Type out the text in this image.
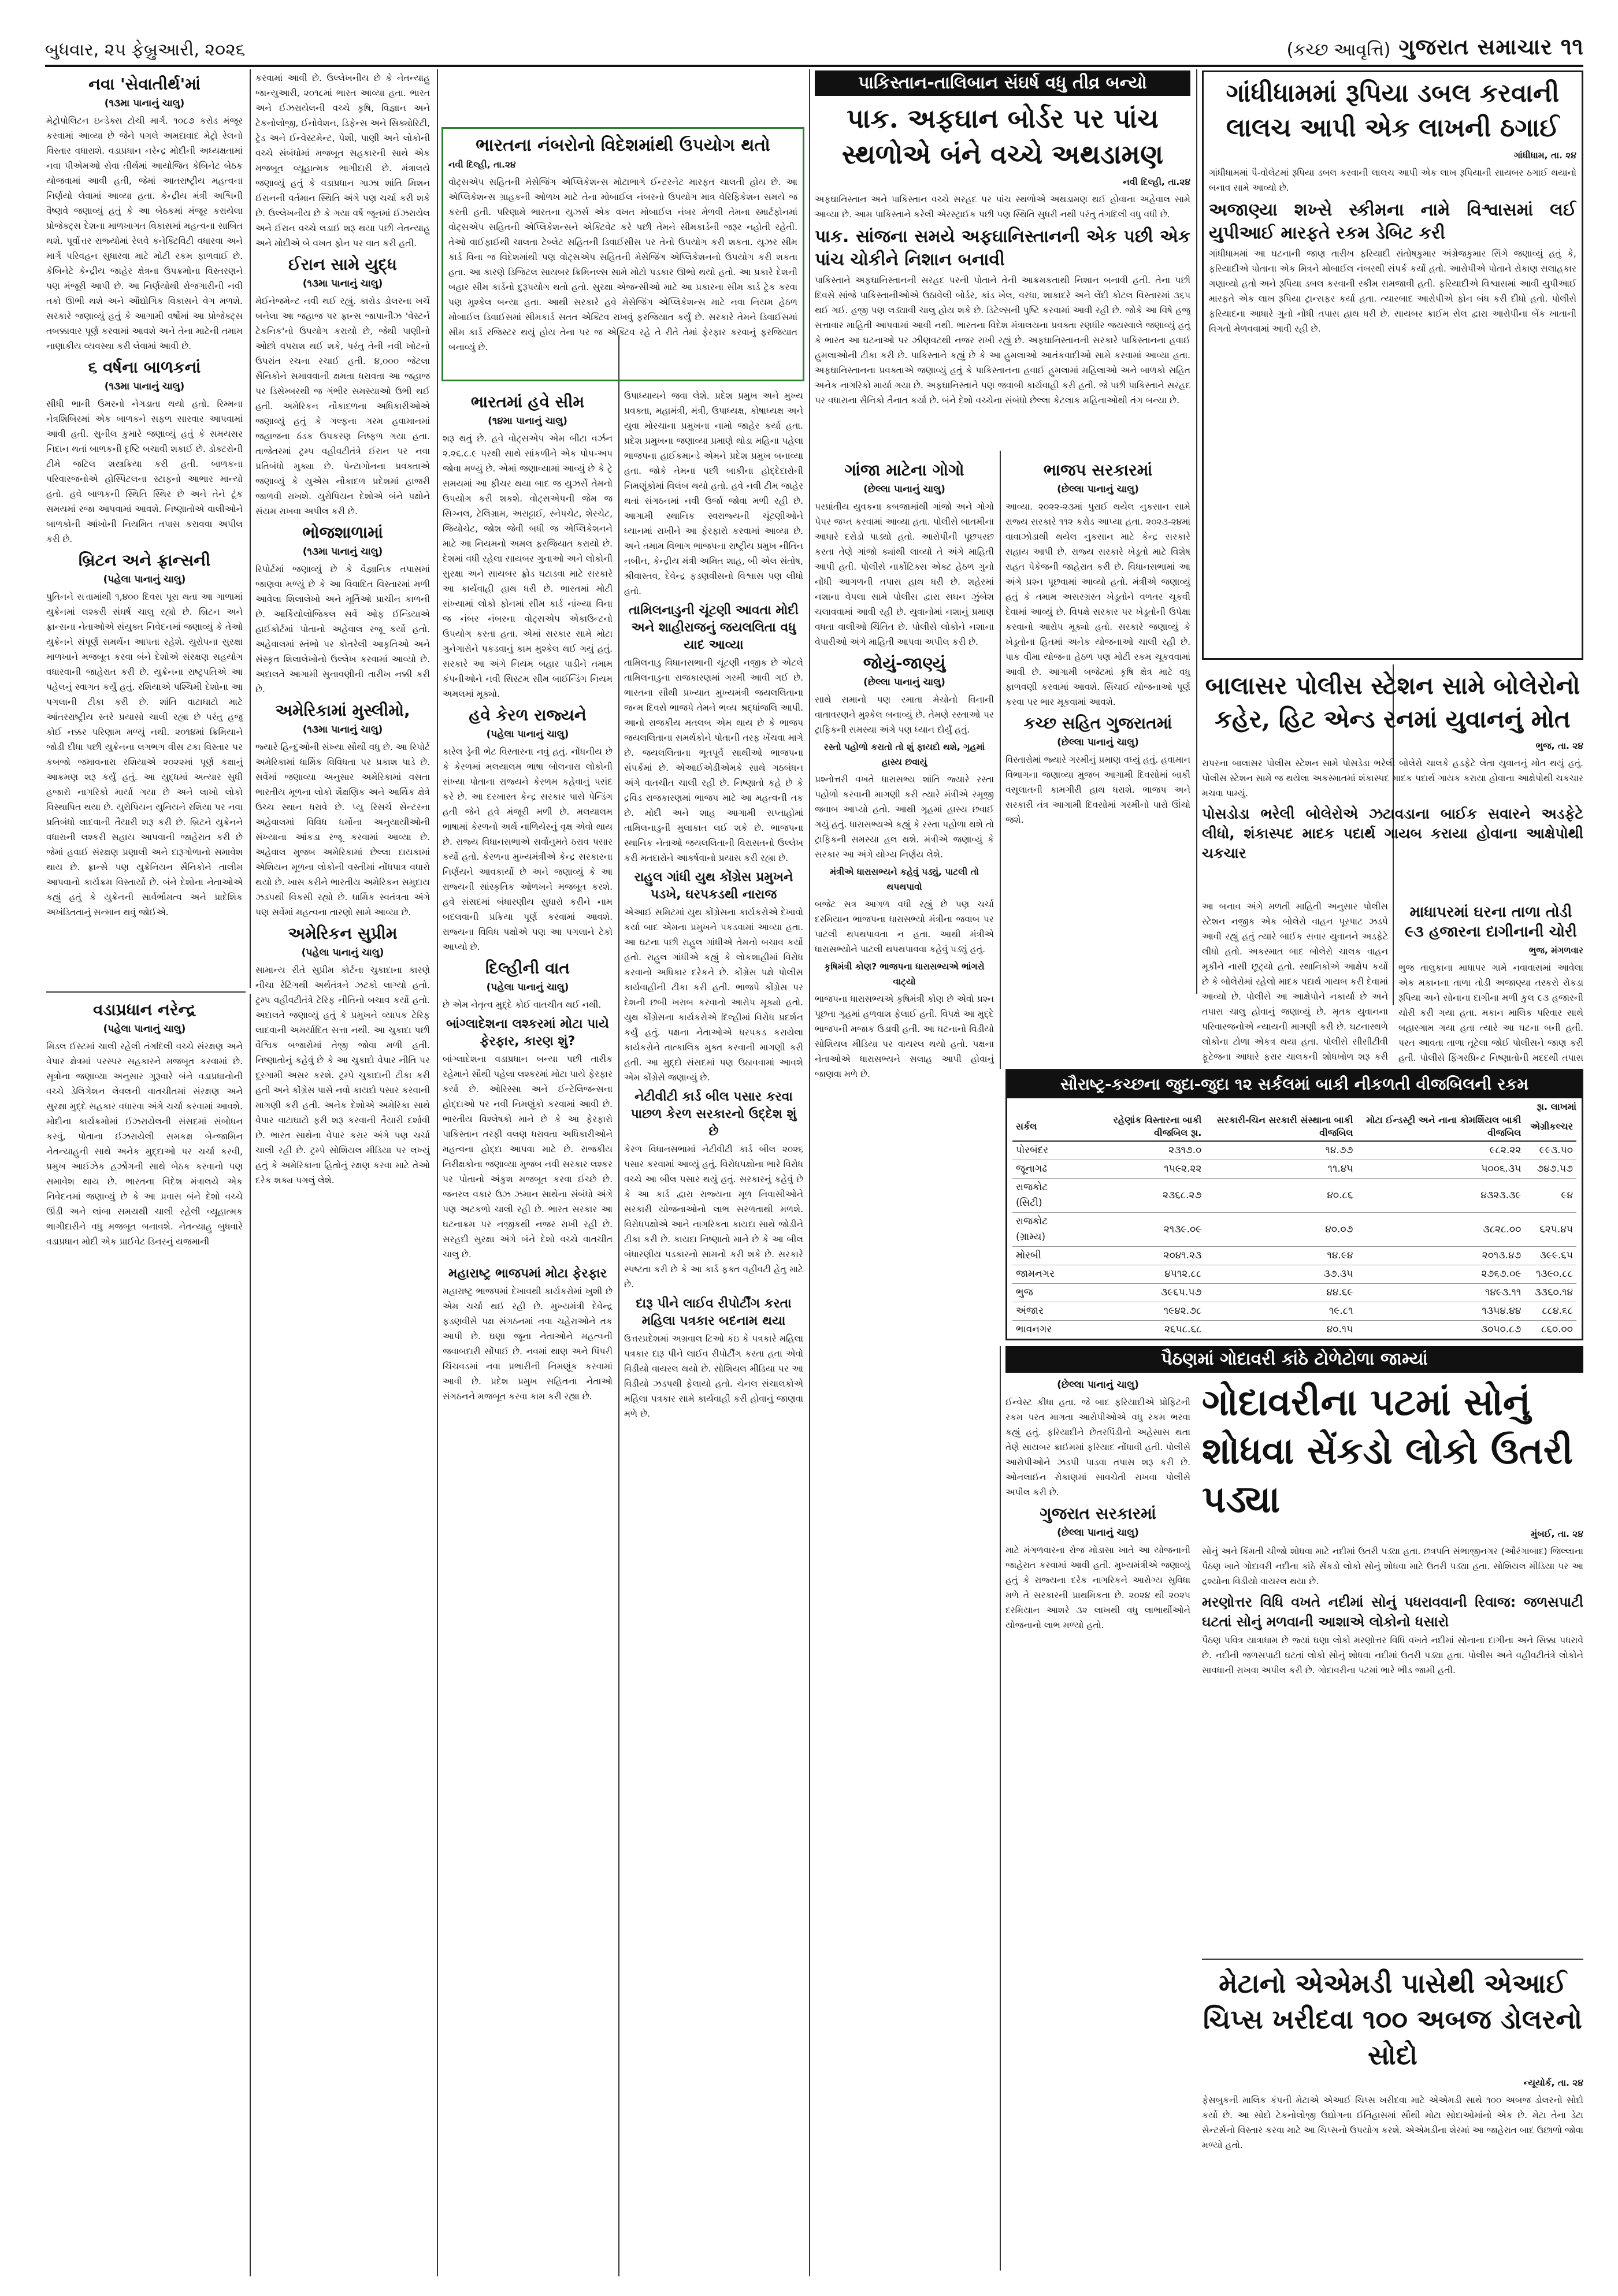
બુધવાર, ૨૫ ફેબ્રુઆરી, ૨૦૨૬	(કચ્છ આવૃત્તિ) ગુજરાત સમાચાર ૧૧
નવા 'સેવાતીર્થ'માં
(૧૩મા પાનાનું ચાલુ)

મેટ્રોપોલિટન ઇન્ડેક્સ ટોચી માર્ગ. ૧૦૮૭ કરોડ મંજૂર કરવામાં આવ્યા છે જેને પગલે અમદાવાદ મેટ્રો રેલનો વિસ્તાર વધારાશે. વડાપ્રધાન નરેન્દ્ર મોદીની અધ્યક્ષતામાં નવા પીએમઓ સેવા તીર્થમાં આયોજિત કેબિનેટ બેઠક યોજવામાં આવી હતી, જેમાં આતરાષ્ટ્રીય મહત્વના નિર્ણયો લેવામાં આવ્યા હતા. કેન્દ્રીય મંત્રી અશ્વિની વૈષ્ણવે જણાવ્યું હતું કે આ બેઠકમાં મંજૂર કરાયેલા પ્રોજેક્ટ્સ દેશના માળખાગત વિકાસમાં મહત્વના સાબિત થશે. પૂર્વોત્તર રાજ્યોમાં રેલવે કનેક્ટિવિટી વધારવા અને માર્ગ પરિવહન સુધારવા માટે મોટી રકમ ફાળવાઈ છે. કેબિનેટે કેન્દ્રીય જાહેર ક્ષેત્રના ઉપક્રમોના વિસ્તરણને પણ મંજૂરી આપી છે. આ નિર્ણયોથી રોજગારીની નવી તકો ઊભી થશે અને ઔદ્યોગિક વિકાસને વેગ મળશે. સરકારે જણાવ્યું હતું કે આગામી વર્ષોમાં આ પ્રોજેક્ટ્સ તબક્કાવાર પૂર્ણ કરવામાં આવશે અને તેના માટેની તમામ નાણાકીય વ્યવસ્થા કરી લેવામાં આવી છે.

૬ વર્ષના બાળકનાં
(૧૩મા પાનાનું ચાલુ)

સીધી ભાની ઉમરનો નેગડાતા થયો હતો. રિમ્મના નેત્રશિબિરમાં એક બાળકને સફળ સારવાર આપવામાં આવી હતી. સુનીલ કુમારે જણાવ્યું હતું કે સમયસર નિદાન થતાં બાળકની દૃષ્ટિ બચાવી શકાઈ છે. ડોક્ટરોની ટીમે જટિલ શસ્ત્રક્રિયા કરી હતી. બાળકના પરિવારજનોએ હોસ્પિટલના સ્ટાફનો આભાર માન્યો હતો. હવે બાળકની સ્થિતિ સ્થિર છે અને તેને ટૂંક સમયમાં રજા આપવામાં આવશે. નિષ્ણાતોએ વાલીઓને બાળકોની આંખોની નિયમિત તપાસ કરાવવા અપીલ કરી છે.

બ્રિટન અને ફ્રાન્સની
(પહેલા પાનાનું ચાલુ)

પુતિનને સત્તામાંથી ૧,૪૦૦ દિવસ પૂરા થતા આ ગાળામાં યુક્રેનમાં લશ્કરી સંઘર્ષ ચાલુ રહ્યો છે. બ્રિટન અને ફ્રાન્સના નેતાઓએ સંયુક્ત નિવેદનમાં જણાવ્યું કે તેઓ યુક્રેનને સંપૂર્ણ સમર્થન આપતા રહેશે. યુરોપના સુરક્ષા માળખાને મજબૂત કરવા બંને દેશોએ સંરક્ષણ સહયોગ વધારવાની જાહેરાત કરી છે. યુક્રેનના રાષ્ટ્રપતિએ આ પહેલનું સ્વાગત કર્યું હતું. રશિયાએ પશ્ચિમી દેશોના આ પગલાની ટીકા કરી છે. શાંતિ વાટાઘાટો માટે આંતરરાષ્ટ્રીય સ્તરે પ્રયાસો ચાલી રહ્યા છે પરંતુ હજુ કોઈ નક્કર પરિણામ મળ્યું નથી. ૨૦૧૪માં ક્રિમિયાને જોડી દીધા પછી યુક્રેનના લગભગ વીસ ટકા વિસ્તાર પર કબજો જમાવનારા રશિયાએ ૨૦૨૨માં પૂર્ણ કક્ષાનું આક્રમણ શરૂ કર્યું હતું. આ યુદ્ધમાં અત્યાર સુધી હજારો નાગરિકો માર્યા ગયા છે અને લાખો લોકો વિસ્થાપિત થયા છે. યુરોપિયન યુનિયને રશિયા પર નવા પ્રતિબંધો લાદવાની તૈયારી શરૂ કરી છે. બ્રિટને યુક્રેનને વધારાની લશ્કરી સહાય આપવાની જાહેરાત કરી છે જેમાં હવાઈ સંરક્ષણ પ્રણાલી અને દારૂગોળાનો સમાવેશ થાય છે. ફ્રાન્સે પણ યુક્રેનિયન સૈનિકોને તાલીમ આપવાનો કાર્યક્રમ વિસ્તાર્યો છે. બંને દેશોના નેતાઓએ કહ્યું હતું કે યુક્રેનની સાર્વભૌમત્વ અને પ્રાદેશિક અખંડિતતાનું સન્માન થવું જોઈએ.

વડાપ્રધાન નરેન્દ્ર
(પહેલા પાનાનું ચાલુ)

મિડલ ઈસ્ટમાં ચાલી રહેલી તંગદિલી વચ્ચે સંરક્ષણ અને વેપાર ક્ષેત્રમાં પરસ્પર સહકારને મજબૂત કરવામાં છે. સૂત્રોના જણાવ્યા અનુસાર ગુરૂવારે બંને વડાપ્રધાનોની વચ્ચે ડેલિગેશન લેવલની વાતચીતમાં સંરક્ષણ અને સુરક્ષા મુદ્દે સહકાર વધારવા અંગે ચર્ચા કરવામાં આવશે. મોદીના કાર્યક્રમોમાં ઈઝરાયેલની સંસદમાં સંબોધન કરવું, પોતાના ઈઝરાયેલી સમકક્ષ બેન્જામિન નેતન્યાહુની સાથે અનેક મુદ્દાઓ પર ચર્ચા કરવી, પ્રમુખ આઈઝેક હર્ઝોગની સાથે બેઠક કરવાનો પણ સમાવેશ થાય છે. ભારતના વિદેશ મંત્રાલયે એક નિવેદનમાં જણાવ્યું છે કે આ પ્રવાસ બંને દેશો વચ્ચે ઊંડી અને લાંબા સમયથી ચાલી રહેલી વ્યૂહાત્મક ભાગીદારીને વધુ મજબૂત બનાવશે. નેતન્યાહુ બુધવારે વડાપ્રધાન મોદી એક પ્રાઈવેટ ડિનરનું યજમાની

કરવામાં આવી છે. ઉલ્લેખનીય છે કે નેતન્યાહુ જાન્યુઆરી, ૨૦૧૮માં ભારત આવ્યા હતા. ભારત અને ઈઝરાયેલની વચ્ચે કૃષિ, વિજ્ઞાન અને ટેકનોલોજી, ઈનોવેશન, ડિફેન્સ અને સિક્યોરિટી, ટ્રેડ અને ઈન્વેસ્ટમેન્ટ, પેશી, પાણી અને લોકોની વચ્ચે સંબંધોમાં મજબૂત સહકારની સાથે એક મજબૂત વ્યૂહાત્મક ભાગીદારી છે. મંત્રાલયે જણાવ્યું હતું કે વડાપ્રધાન ગાઝા શાંતિ મિશન ઈરાનની વર્તમાન સ્થિતિ અંગે પણ ચર્ચા કરી શકે છે. ઉલ્લેખનીય છે કે ગયા વર્ષે જૂનમાં ઈઝરાયેલ અને ઈરાન વચ્ચે લડાઈ શરૂ થયા પછી નેતન્યાહુ અને મોદીએ બે વખત ફોન પર વાત કરી હતી.

ઈરાન સામે યુદ્ધ
(૧૩મા પાનાનું ચાલુ)

મેઈનેજમેન્ટ નવી થઈ રહ્યું. કારોડ ડોલરના ખર્ચે બનેલા આ જહાજ પર ફ્રાન્સ જાપાનીઝ 'વેસ્ટર્ન ટેકનિક'નો ઉપયોગ કરાયો છે, જેથી પાણીનો ઓછો વપરાશ થઈ શકે, પરંતુ તેની નવી ખોટનો ઉપરાંત રચના રચાઈ હતી. ૪,૦૦૦ જેટલા સૈનિકોને સમાવવાની ક્ષમતા ધરાવતા આ જહાજ પર ડિસેમ્બરથી જ ગંભીર સમસ્યાઓ ઉભી થઈ હતી. અમેરિકન નૌકાદળના અધિકારીઓએ જણાવ્યું હતું કે ગલ્ફના ગરમ હવામાનમાં જહાજના ઠંડક ઉપકરણ નિષ્ફળ ગયા હતા. તાજેતરમાં ટ્રમ્પ વહીવટીતંત્રે ઈરાન પર નવા પ્રતિબંધો મુક્યા છે. પેન્ટાગોનના પ્રવક્તાએ જણાવ્યું કે યુએસ નૌકાદળ પ્રદેશમાં હાજરી જાળવી રાખશે. યુરોપિયન દેશોએ બંને પક્ષોને સંયમ રાખવા અપીલ કરી છે.

ભોજશાળામાં
(૧૩મા પાનાનું ચાલુ)

રિપોર્ટમાં જણાવ્યું છે કે વૈજ્ઞાનિક તપાસમાં જાણવા મળ્યું છે કે આ વિવાદિત વિસ્તારમાં મળી આવેલા શિલાલેખો અને મૂર્તિઓ પ્રાચીન કાળની છે. આર્કિયોલોજિકલ સર્વે ઓફ ઈન્ડિયાએ હાઈકોર્ટમાં પોતાનો અહેવાલ રજૂ કર્યો હતો. અહેવાલમાં સ્તંભો પર કોતરેલી આકૃતિઓ અને સંસ્કૃત શિલાલેખોનો ઉલ્લેખ કરવામાં આવ્યો છે. અદાલતે આગામી સુનાવણીની તારીખ નક્કી કરી છે.

અમેરિકામાં મુસ્લીમો,
(૧૩મા પાનાનું ચાલુ)

જ્યારે હિન્દુઓની સંખ્યા સૌથી વધુ છે. આ રિપોર્ટ અમેરિકામાં ધાર્મિક વિવિધતા પર પ્રકાશ પાડે છે. સર્વેમાં જણાવ્યા અનુસાર અમેરિકામાં વસતા ભારતીય મૂળના લોકો શૈક્ષણિક અને આર્થિક ક્ષેત્રે ઉચ્ચ સ્થાન ધરાવે છે. પ્યુ રિસર્ચ સેન્ટરના અહેવાલમાં વિવિધ ધર્મોના અનુયાયીઓની સંખ્યાના આંકડા રજૂ કરવામાં આવ્યા છે. અહેવાલ મુજબ અમેરિકામાં છેલ્લા દાયકામાં એશિયન મૂળના લોકોની વસ્તીમાં નોંધપાત્ર વધારો થયો છે. ખાસ કરીને ભારતીય અમેરિકન સમુદાય ઝડપથી વિકસી રહ્યો છે. ધાર્મિક સ્વતંત્રતા અંગે પણ સર્વેમાં મહત્વના તારણો સામે આવ્યા છે.

અમેરિકન સુપ્રીમ
(પહેલા પાનાનું ચાલુ)

સામાન્ય રીતે સુપ્રીમ કોર્ટના ચુકાદાના કારણે નીચા રેટિંગથી અર્થતંત્રને ઝટકો લાગ્યો હતો. ટ્રમ્પ વહીવટીતંત્રે ટેરિફ નીતિનો બચાવ કર્યો હતો. અદાલતે જણાવ્યું હતું કે પ્રમુખને વ્યાપક ટેરિફ લાદવાની અમર્યાદિત સત્તા નથી. આ ચુકાદા પછી વૈશ્વિક બજારોમાં તેજી જોવા મળી હતી. નિષ્ણાતોનું કહેવું છે કે આ ચુકાદો વેપાર નીતિ પર દૂરગામી અસર કરશે. ટ્રમ્પે ચુકાદાની ટીકા કરી હતી અને કોંગ્રેસ પાસે નવો કાયદો પસાર કરવાની માગણી કરી હતી. અનેક દેશોએ અમેરિકા સાથે વેપાર વાટાઘાટો ફરી શરૂ કરવાની તૈયારી દર્શાવી છે. ભારત સાથેના વેપાર કરાર અંગે પણ ચર્ચા ચાલી રહી છે. ટ્રમ્પે સોશિયલ મીડિયા પર લખ્યું હતું કે અમેરિકાના હિતોનું રક્ષણ કરવા માટે તેઓ દરેક શક્ય પગલું લેશે.

ભારતના નંબરોનો વિદેશમાંથી ઉપયોગ થતો

નવી દિલ્હી, તા.૨૪

વોટ્સએપ સહિતની મેસેજિંગ એપ્લિકેશન્સ મોટાભાગે ઈન્ટરનેટ મારફત ચાલતી હોય છે. આ એપ્લિકેશન્સ ગ્રાહકની ઓળખ માટે તેના મોબાઈલ નંબરનો ઉપયોગ માત્ર વેરિફિકેશન સમયે જ કરતી હતી. પરિણામે ભારતના યુઝર્સ એક વખત મોબાઈલ નંબર મેળવી તેમના સ્માર્ટફોનમાં વોટ્સએપ સહિતની એપ્લિકેશન્સને એક્ટિવેટ કરે પછી તેમને સીમકાર્ડની જરૂર નહોતી રહેતી. તેઓ વાઈફાઈથી ચાલતા ટેબ્લેટ સહિતની ડિવાઈસીસ પર તેનો ઉપયોગ કરી શકતા. યુઝર સીમ કાર્ડ વિના જ વિદેશમાંથી પણ વોટ્સએપ સહિતની મેસેજિંગ એપ્લિકેશનનો ઉપયોગ કરી શકતા હતા. આ કારણે ડિજિટલ સાયબર ક્રિમિનલ્સ સામે મોટો પડકાર ઊભો થયો હતો. આ પ્રકારે દેશની બહાર સીમ કાર્ડનો દુરૂપયોગ થતો હતો. સુરક્ષા એજન્સીઓ માટે આ પ્રકારના સીમ કાર્ડ ટ્રેક કરવા પણ મુશ્કેલ બન્યા હતા. આથી સરકારે હવે મેસેજિંગ એપ્લિકેશન્સ માટે નવા નિયમ હેઠળ મોબાઈલ ડિવાઈસમાં સીમકાર્ડ સતત એક્ટિવ રાખવું ફરજિયાત કર્યું છે. સરકારે તેમને ડિવાઈસમાં સીમ કાર્ડ રજિસ્ટર થયું હોય તેના પર જ એક્ટિવ રહે તે રીતે તેમાં ફેરફાર કરવાનું ફરજિયાત બનાવ્યું છે.

ભારતમાં હવે સીમ
(૧૪મા પાનાનું ચાલુ)

શરૂ થતું છે. હવે વોટ્સએપ એમ બીટા વર્ઝન ૨.૨૬.૮.૯ પરથી સાથે સાંકળીને એક પોપ-અપ જોવા મળ્યું છે. એમાં જણાવ્યામાં આવ્યું છે કે ટ્રે સમયમાં આ ફીચર થયા બાદ જ યુઝર્સે તેમનો ઉપયોગ કરી શકશે. વોટ્સએપની જેમ જ સિગ્નલ, ટેલિગ્રામ, અરાટ્ટાઈ, સ્નેપચેટ, શેરચેટ, જિયોચેટ, જોશ જેવી બધી જ એપ્લિકેશનને માટે આ નિયમનો અમલ ફરજિયાત કરાયો છે. દેશમાં વધી રહેલા સાયબર ગુનાઓ અને લોકોની સુરક્ષા અને સાયબર ફ્રોડ ઘટાડવા માટે સરકારે આ કાર્યવાહી હાથ ધરી છે. ભારતમાં મોટી સંખ્યામાં લોકો ફોનમાં સીમ કાર્ડ નાંખ્યા વિના જ નંબર નંબરના વોટ્સએપ એકાઉન્ટનો ઉપયોગ કરતા હતા. એમાં સરકાર સામે મોટા ગુનેગારોને પકડવાનું કામ મુશ્કેલ થઈ ગયું હતું. સરકારે આ અંગે નિયમ બહાર પાડીને તમામ કંપનીઓને નવી સિસ્ટમ સીમ બાઈન્ડિંગ નિયમ અમલમાં મૂક્યો.

હવે કેરળ રાજ્યને
(પહેલા પાનાનું ચાલુ)

કારેલ ડ્રેની ભેટ વિસ્તારના નવું હતું. નોંધનીય છે કે કેરળમાં મલયાલમ ભાષા બોલનારા લોકોની સંખ્યા પોતાના રાજ્યને કેરળમ કહેવાનું પસંદ કરે છે. આ દરખાસ્ત કેન્દ્ર સરકાર પાસે પેન્ડિંગ હતી જેને હવે મંજૂરી મળી છે. મલયાલમ ભાષામાં કેરળનો અર્થ નાળિયેરનું વૃક્ષ એવો થાય છે. રાજ્ય વિધાનસભાએ સર્વાનુમતે ઠરાવ પસાર કર્યો હતો. કેરળના મુખ્યમંત્રીએ કેન્દ્ર સરકારના નિર્ણયને આવકાર્યો છે અને જણાવ્યું કે આ રાજ્યની સાંસ્કૃતિક ઓળખને મજબૂત કરશે. હવે સંસદમાં બંધારણીય સુધારો કરીને નામ બદલવાની પ્રક્રિયા પૂર્ણ કરવામાં આવશે. રાજ્યના વિવિધ પક્ષોએ પણ આ પગલાને ટેકો આપ્યો છે.

દિલ્હીની વાત
(પહેલા પાનાનું ચાલુ)

છે એમ નેતૃત્વ મુદ્દે કોઈ વાતચીત થઈ નથી.

બાંગ્લાદેશના લશ્કરમાં મોટા પાયે ફેરફાર, કારણ શું?

બાંગ્લાદેશના વડાપ્રધાન બન્યા પછી તારીક રહેમાને સૌથી પહેલા લશ્કરમાં મોટા પાયે ફેરફાર કર્યા છે. ઓરિસ્સા અને ઈન્ટેલિજન્સના હોદ્દાઓ પર નવી નિમણૂંકો કરવામાં આવી છે. ભારતીય વિશ્લેષકો માને છે કે આ ફેરફારો પાકિસ્તાન તરફી વલણ ધરાવતા અધિકારીઓને મહત્વના હોદ્દા આપવા માટે છે. રાજકીય નિરીક્ષકોના જણાવ્યા મુજબ નવી સરકાર લશ્કર પર પોતાનો અંકુશ મજબૂત કરવા ઈચ્છે છે. જનરલ વકાર ઉઝ ઝમાન સાથેના સંબંધો અંગે પણ અટકળો ચાલી રહી છે. ભારત સરકાર આ ઘટનાક્રમ પર નજીકથી નજર રાખી રહી છે. સરહદી સુરક્ષા અંગે બંને દેશો વચ્ચે વાતચીત ચાલુ છે.

મહારાષ્ટ્ર ભાજપમાં મોટા ફેરફાર

મહારાષ્ટ્ર ભાજપમાં દેખાવથી કાર્યકરોમાં ખુશી છે એમ ચર્ચા થઈ રહી છે. મુખ્યમંત્રી દેવેન્દ્ર ફડણવીસે પક્ષ સંગઠનમાં નવા ચહેરાઓને તક આપી છે. ઘણા જૂના નેતાઓને મહત્વની જવાબદારી સોંપાઈ છે. નવમાં થાણ અને પિંપરી ચિંચવડમાં નવા પ્રભારીની નિમણૂંક કરવામાં આવી છે. પ્રદેશ પ્રમુખ સહિતના નેતાઓ સંગઠનને મજબૂત કરવા કામ કરી રહ્યા છે.

ઉપાધ્યાયને જવા લેશે. પ્રદેશ પ્રમુખ અને મુખ્ય પ્રવક્તા, મહામંત્રી, મંત્રી, ઉપાધ્યક્ષ, કોષાધ્યક્ષ અને યુવા મોરચાના પ્રમુખના નામો જાહેર કર્યા હતા. પ્રદેશ પ્રમુખના જણાવ્યા પ્રમાણે થોડા મહિના પહેલા ભાજપના હાઈકમાન્ડે એમને પ્રદેશ પ્રમુખ બનાવ્યા હતા. જોકે તેમના પછી બાકીના હોદ્દેદારોની નિમણૂંકોમાં વિલંબ થયો હતો. હવે નવી ટીમ જાહેર થતાં સંગઠનમાં નવી ઉર્જા જોવા મળી રહી છે. આગામી સ્થાનિક સ્વરાજ્યની ચૂંટણીઓને ધ્યાનમાં રાખીને આ ફેરફારો કરવામાં આવ્યા છે. અને તમામ વિભાગ ભાજપના રાષ્ટ્રીય પ્રમુખ નીતિન નબીન, કેન્દ્રીય મંત્રી અમિત શાહ, બી એલ સંતોષ, શ્રીવાસ્તવ, દેવેન્દ્ર ફડણવીસનો વિશ્વાસ પણ લીધો હતો.

તામિલનાડુની ચૂંટણી આવતા મોદી અને શાહીરાજનું જયલલિતા વધુ યાદ આવ્યા

તામિલનાડુ વિધાનસભાની ચૂંટણી નજીક છે એટલે તામિલનાડુના રાજકારણમાં ગરમી આવી ગઈ છે. ભારતના સૌથી પ્રખ્યાત મુખ્યમંત્રી જયલલિતાના જન્મ દિવસે ભાજપે તેમને ભવ્ય શ્રદ્ધાંજલિ આપી. આનો રાજકીય મતલબ એમ થાય છે કે ભાજપ જયલલિતાના સમર્થકોને પોતાની તરફ ખેંચવા માગે છે. જયલલિતાના ભૂતપૂર્વ સાથીઓ ભાજપના સંપર્કમાં છે. એઆઈએડીએમકે સાથે ગઠબંધન અંગે વાતચીત ચાલી રહી છે. નિષ્ણાતો કહે છે કે દ્રવિડ રાજકારણમાં ભાજપ માટે આ મહત્વની તક છે. મોદી અને શાહ આગામી સપ્તાહોમાં તામિલનાડુની મુલાકાત લઈ શકે છે. ભાજપના સ્થાનિક નેતાઓ જયલલિતાની વિરાસતનો ઉલ્લેખ કરી મતદારોને આકર્ષવાનો પ્રયાસ કરી રહ્યા છે.

રાહુલ ગાંધી યુથ કોંગ્રેસ પ્રમુખને પડખે, ઘરપકડથી નારાજ

એઆઈ સમિટમાં યુથ કોંગ્રેસના કાર્યકરોએ દેખાવો કર્યા બાદ એમના પ્રમુખને પકડવામાં આવ્યા હતા. આ ઘટના પછી રાહુલ ગાંધીએ તેમનો બચાવ કર્યો હતો. રાહુલ ગાંધીએ કહ્યું કે લોકશાહીમાં વિરોધ કરવાનો અધિકાર દરેકને છે. કોંગ્રેસ પક્ષે પોલીસ કાર્યવાહીની ટીકા કરી હતી. ભાજપે કોંગ્રેસ પર દેશની છબી ખરાબ કરવાનો આરોપ મૂક્યો હતો. યુથ કોંગ્રેસના કાર્યકરોએ દિલ્હીમાં વિરોધ પ્રદર્શન કર્યું હતું. પક્ષના નેતાઓએ ધરપકડ કરાયેલા કાર્યકરોને તાત્કાલિક મુક્ત કરવાની માગણી કરી હતી. આ મુદ્દો સંસદમાં પણ ઉઠાવવામાં આવશે એમ કોંગ્રેસે જણાવ્યું છે.

નેટીવીટી કાર્ડ બીલ પસાર કરવા પાછળ કેરળ સરકારનો ઉદ્દેશ શું છે

કેરળ વિધાનસભામાં નેટીવીટી કાર્ડ બીલ ૨૦૨૬ પસાર કરવામાં આવ્યું હતું. વિરોધપક્ષોના ભારે વિરોધ વચ્ચે આ બીલ પસાર થયું હતું. સરકારનું કહેવું છે કે આ કાર્ડ દ્વારા રાજ્યના મૂળ નિવાસીઓને સરકારી યોજનાઓનો લાભ સરળતાથી મળશે. વિરોધપક્ષોએ આને નાગરિકતા કાયદા સાથે જોડીને ટીકા કરી છે. કાયદા નિષ્ણાતો માને છે કે આ બીલ બંધારણીય પડકારનો સામનો કરી શકે છે. સરકારે સ્પષ્ટતા કરી છે કે આ કાર્ડ ફક્ત વહીવટી હેતુ માટે છે.

દારૂ પીને લાઈવ રીપોર્ટીંગ કરતા મહિલા પત્રકાર બદનામ થયા

ઉત્તરપ્રદેશમાં અગ્રવાલ ટિઓ કંઇ કે પત્રકારે મહિલા પત્રકાર દારૂ પીને લાઈવ રીપોર્ટીંગ કરતા હતા એવો વિડીયો વાયરલ થયો છે. સોશિયલ મીડિયા પર આ વિડીયો ઝડપથી ફેલાયો હતો. ચેનલ સંચાલકોએ મહિલા પત્રકાર સામે કાર્યવાહી કરી હોવાનું જાણવા મળે છે.

પાકિસ્તાન-તાલિબાન સંઘર્ષ વધુ તીવ્ર બન્યો
પાક. અફઘાન બોર્ડર પર પાંચ સ્થળોએ બંને વચ્ચે અથડામણ

નવી દિલ્હી, તા.૨૪

અફઘાનિસ્તાન અને પાકિસ્તાન વચ્ચે સરહદ પર પાંચ સ્થળોએ અથડામણ થઈ હોવાના અહેવાલ સામે આવ્યા છે. આમ પાકિસ્તાને કરેલી એરસ્ટ્રાઈક પછી પણ સ્થિતિ સુધરી નથી પરંતુ તંગદિલી વધુ વધી છે.

પાક. સાંજના સમયે અફઘાનિસ્તાનની એક પછી એક પાંચ ચોકીને નિશાન બનાવી

પાકિસ્તાને અફઘાનિસ્તાનની સરહદ પરની પોતાને તેની આક્રમકતાથી નિશાન બનાવી હતી. તેના પછી દિવસે સાંજે પાકિસ્તાનીઓએ ઉઠાવેલી બોર્ડર, કાંડ ખેલ, વરધા, શાકાદરે અને લેંદી કોટલ વિસ્તારમાં ૩૬૫ થઈ ગઈ. હજી પણ લડ્યાવી ચાલુ હોય શકે છે. ડિટેલ્સની પુષ્ટિ કરવામાં આવી રહી છે. જોકે આ વિષે હજુ સત્તાવાર માહિતી આપવામાં આવી નથી. ભારતના વિદેશ મંત્રાલયના પ્રવક્તા રણધીર જયસ્વાલે જણાવ્યું હતું કે ભારત આ ઘટનાઓ પર ઝીણવટથી નજર રાખી રહ્યું છે. અફઘાનિસ્તાનની સરકારે પાકિસ્તાનના હવાઈ હુમલાઓની ટીકા કરી છે. પાકિસ્તાને કહ્યું છે કે આ હુમલાઓ આતંકવાદીઓ સામે કરવામાં આવ્યા હતા. અફઘાનિસ્તાનના પ્રવક્તાએ જણાવ્યું હતું કે પાકિસ્તાનના હવાઈ હુમલામાં મહિલાઓ અને બાળકો સહિત અનેક નાગરિકો માર્યા ગયા છે. અફઘાનિસ્તાને પણ જવાબી કાર્યવાહી કરી હતી. જે પછી પાકિસ્તાને સરહદ પર વધારાના સૈનિકો તૈનાત કર્યા છે. બંને દેશો વચ્ચેના સંબંધો છેલ્લા કેટલાક મહિનાઓથી તંગ બન્યા છે.

ગાંજા માટેના ગોગો
(છેલ્લા પાનાનું ચાલુ)

પરપ્રાંતીય યુવકના કબજામાંથી ગાંજો અને ગોગો પેપર જપ્ત કરવામાં આવ્યા હતા. પોલીસે બાતમીના આધારે દરોડો પાડ્યો હતો. આરોપીની પૂછપરછ કરતા તેણે ગાંજો ક્યાંથી લાવ્યો તે અંગે માહિતી આપી હતી. પોલીસે નાર્કોટિક્સ એક્ટ હેઠળ ગુનો નોંધી આગળની તપાસ હાથ ધરી છે. શહેરમાં નશાના વેપલા સામે પોલીસ દ્વારા સઘન ઝુંબેશ ચલાવવામાં આવી રહી છે. યુવાનોમાં નશાનું પ્રમાણ વધતા વાલીઓ ચિંતિત છે. પોલીસે લોકોને નશાના વેપારીઓ અંગે માહિતી આપવા અપીલ કરી છે.

જોયું-જાણ્યું
(છેલ્લા પાનાનું ચાલુ)

સાથે સમાનો પણ રમાતા મેચોનો વિનાની વાતાવરણને મુશ્કેલ બનાવ્યું છે. તેમણે રસ્તાઓ પર ટ્રાફિકની સમસ્યા અંગે પણ ધ્યાન દોર્યું હતું.

રસ્તો પહોળો કરાતો તો શું ફાયદો થશે, ગૃહમાં હાસ્ય છવાયું

પ્રશ્નોત્તરી વખતે ધારાસભ્ય શાંતિ જ્યારે રસ્તા પહોળો કરવાની માગણી કરી ત્યારે મંત્રીએ રમૂજી જવાબ આપ્યો હતો. આથી ગૃહમાં હાસ્ય છવાઈ ગયું હતું. ધારાસભ્યએ કહ્યું કે રસ્તા પહોળા થશે તો ટ્રાફિકની સમસ્યા હલ થશે. મંત્રીએ જણાવ્યું કે સરકાર આ અંગે યોગ્ય નિર્ણય લેશે.

મંત્રીએ ધારાસભ્યને કહેવું પડ્યું, પાટલી તો થપથપાવો

બજેટ સત્ર આગળ વધી રહ્યું છે પણ ચર્ચા દરમિયાન ભાજપના ધારાસભ્યો મંત્રીના જવાબ પર પાટલી થપથપાવતા ન હતા. આથી મંત્રીએ ધારાસભ્યોને પાટલી થપથપાવવા કહેવું પડ્યું હતું.

કૃષિમંત્રી કોણ? ભાજપના ધારાસભ્યએ ભાંગરો વાટ્યો

ભાજપના ધારાસભ્યએ કૃષિમંત્રી કોણ છે એવો પ્રશ્ન પૂછતા ગૃહમાં હળવાશ ફેલાઈ હતી. વિપક્ષે આ મુદ્દે ભાજપની મજાક ઉડાવી હતી. આ ઘટનાનો વિડીયો સોશિયલ મીડિયા પર વાયરલ થયો હતો. પક્ષના નેતાઓએ ધારાસભ્યને સલાહ આપી હોવાનું જાણવા મળે છે.

ભાજપ સરકારમાં
(છેલ્લા પાનાનું ચાલુ)

આવ્યા. ૨૦૨૨-૨૩માં પુરાઈ થયેલ નુકસાન સામે રાજ્ય સરકારે ૧૧૨ કરોડ આપ્યા હતા. ૨૦૨૩-૨૪માં વાવાઝોડાથી થયેલ નુકસાન માટે કેન્દ્ર સરકારે સહાય આપી છે. રાજ્ય સરકારે ખેડૂતો માટે વિશેષ રાહત પેકેજની જાહેરાત કરી છે. વિધાનસભામાં આ અંગે પ્રશ્ન પૂછવામાં આવ્યો હતો. મંત્રીએ જણાવ્યું હતું કે તમામ અસરગ્રસ્ત ખેડૂતોને વળતર ચૂકવી દેવામાં આવ્યું છે. વિપક્ષે સરકાર પર ખેડૂતોની ઉપેક્ષા કરવાનો આરોપ મૂક્યો હતો. સરકારે જણાવ્યું કે ખેડૂતોના હિતમાં અનેક યોજનાઓ ચાલી રહી છે. પાક વીમા યોજના હેઠળ પણ મોટી રકમ ચૂકવવામાં આવી છે. આગામી બજેટમાં કૃષિ ક્ષેત્ર માટે વધુ ફાળવણી કરવામાં આવશે. સિંચાઈ યોજનાઓ પૂર્ણ કરવા પર ભાર મૂકવામાં આવશે.

કચ્છ સહિત ગુજરાતમાં
(છેલ્લા પાનાનું ચાલુ)

વિસ્તારોમાં જ્યારે ગરમીનું પ્રમાણ વધ્યું હતું. હવામાન વિભાગના જણાવ્યા મુજબ આગામી દિવસોમાં બાકી વસૂલાતની કામગીરી હાથ ધરાશે. ભાજપ અને સરકારી તંત્ર આગામી દિવસોમાં ગરમીનો પારો ઊંચો જશે.

સૌરાષ્ટ્ર-કચ્છના જુદા-જુદા ૧૨ સર્કલમાં બાકી નીકળતી વીજબિલની રકમ
રૂા. લાખમાં
સર્કલ	રહેણાંક વિસ્તારના બાકી વીજબિલ રૂા.	સરકારી-ચિન સરકારી સંસ્થાના બાકી વીજબિલ	મોટા ઈન્ડસ્ટ્રી અને નાના કોમર્શિયલ બાકી વીજબિલ	એગ્રીકલ્ચર
પોરબંદર	૨૩૧૭.૦	૧૪.૭૭	૯૮૨.૨૨	૯૯૩.૫૦
જૂનાગઢ	૧૫૯૨.૨૨	૧૧.૪૫	૫૦૦૬.૩૫	૭૪૭.૫૭
રાજકોટ (સિટી)	૨૩૬૮.૨૭	૪૦.૮૬	૪૩૨૩.૩૯	૯૪
રાજકોટ (ગ્રામ્ય)	૨૧૩૯.૦૯	૪૦.૦૭	૩૮૨૮.૦૦	૬૨૫.૪૫
મોરબી	૨૦૪૧.૨૩	૧૪.૯૪	૨૦૧૩.૪૭	૩૯૯.૬૫
જામનગર	૪૫૧૨.૮૮	૩૭.૩૫	૨૭૬૭.૦૯	૧૩૯૦.૮૮
ભુજ	૩૯૬૫.૫૭	૪૪.૬૯	૧૪૯૩.૧૧	૩૩૬૦.૧૪
અંજાર	૧૯૪૨.૭૮	૧૯.૮૧	૧૩૫૪.૪૪	૮૮૪.૬૮
ભાવનગર	૨૬૫૮.૬૮	૪૦.૧૫	૩૦૫૦.૮૭	૮૬૦.૦૦

(છેલ્લા પાનાનું ચાલુ)

ઈન્વેસ્ટ કીધા હતા. જે બાદ ફરિયાદીએ પ્રોફિટની રકમ પરત માગતા આરોપીઓએ વધુ રકમ ભરવા કહ્યું હતું. ફરિયાદીને છેતરપિંડીનો અહેસાસ થતા તેણે સાયબર ક્રાઈમમાં ફરિયાદ નોંધાવી હતી. પોલીસે આરોપીઓને ઝડપી પાડવા તપાસ શરૂ કરી છે. ઓનલાઈન રોકાણમાં સાવચેતી રાખવા પોલીસે અપીલ કરી છે.

ગુજરાત સરકારમાં
(છેલ્લા પાનાનું ચાલુ)

માટે મંગળવારના રોજ મોડાસા ખાતે આ યોજનાની જાહેરાત કરવામાં આવી હતી. મુખ્યમંત્રીએ જણાવ્યું હતું કે રાજ્યના દરેક નાગરિકને આરોગ્ય સુવિધા મળે તે સરકારની પ્રાથમિકતા છે. ૨૦૨૪ થી ૨૦૨૫ દરમિયાન આશરે ૩૨ લાખથી વધુ લાભાર્થીઓને યોજનાનો લાભ મળ્યો હતો.

ગાંધીધામમાં રૂપિયા ડબલ કરવાની લાલચ આપી એક લાખની ઠગાઈ

ગાંધીધામ, તા. ૨૪

ગાંધીધામમાં પૈ-વોલેટમાં રૂપિયા ડબલ કરવાની લાલચ આપી એક લાખ રૂપિયાની સાયબર ઠગાઈ થયાનો બનાવ સામે આવ્યો છે.

અજાણ્યા શખ્સે સ્કીમના નામે વિશ્વાસમાં લઈ યુપીઆઈ મારફતે રકમ ડેબિટ કરી

ગાંધીધામમાં આ ઘટનાની જાણ તારીખ ફરિયાદી સંતોષકુમાર અંગ્રેજકુમાર સિંગે જણાવ્યું હતું કે, ફરિયાદીએ પોતાના એક મિત્રને મોબાઈલ નંબરથી સંપર્ક કર્યો હતો. આરોપીએ પોતાને રોકાણ સલાહકાર ગણાવ્યો હતો અને રૂપિયા ડબલ કરવાની સ્કીમ સમજાવી હતી. ફરિયાદીએ વિશ્વાસમાં આવી યુપીઆઈ મારફતે એક લાખ રૂપિયા ટ્રાન્સફર કર્યા હતા. ત્યારબાદ આરોપીએ ફોન બંધ કરી દીધો હતો. પોલીસે ફરિયાદના આધારે ગુનો નોંધી તપાસ હાથ ધરી છે. સાયબર ક્રાઈમ સેલ દ્વારા આરોપીના બેંક ખાતાની વિગતો મેળવવામાં આવી રહી છે.

બાલાસર પોલીસ સ્ટેશન સામે બોલેરોનો કહેર, હિટ એન્ડ રનમાં યુવાનનું મોત

ભુજ, તા. ૨૪

રાપરના બાલાસર પોલીસ સ્ટેશન સામે પોસડેડા ભરેલી બોલેરો ચાલકે હડફેટે લેતા યુવાનનું મોત થયું હતું. પોલીસ સ્ટેશન સામે જ થયેલા અકસ્માતમાં શંકાસ્પદ માદક પદાર્થ ગાયક કરાયા હોવાના આક્ષેપોથી ચકચાર મચવા પામ્યું.

પોસડોડા ભરેલી બોલેરોએ ઝટાવડાના બાઈક સવારને અડફેટે લીધો, શંકાસ્પદ માદક પદાર્થ ગાયબ કરાયા હોવાના આક્ષેપોથી ચકચાર

આ બનાવ અંગે મળતી માહિતી અનુસાર પોલીસ સ્ટેશન નજીક એક બોલેરો વાહન પૂરપાટ ઝડપે આવી રહ્યું હતું ત્યારે બાઈક સવાર યુવાનને અડફેટે લીધો હતો. અકસ્માત બાદ બોલેરો ચાલક વાહન મૂકીને નાસી છૂટ્યો હતો. સ્થાનિકોએ આક્ષેપ કર્યો છે કે બોલેરોમાં રહેલો માદક પદાર્થ ગાયબ કરી દેવામાં આવ્યો છે. પોલીસે આ આક્ષેપોને નકાર્યા છે અને તપાસ ચાલુ હોવાનું જણાવ્યું છે. મૃતક યુવાનના પરિવારજનોએ ન્યાયની માગણી કરી છે. ઘટનાસ્થળે લોકોના ટોળા એકત્ર થયા હતા. પોલીસે સીસીટીવી ફૂટેજના આધારે ફરાર ચાલકની શોધખોળ શરૂ કરી

માધાપરમાં ઘરના તાળા તોડી ૯૩ હજારના દાગીનાની ચોરી

ભુજ, મંગળવાર

ભુજ તાલુકાના માધાપર ગામે નવાવાસમાં આવેલા એક મકાનના તાળા તોડી અજાણ્યા તસ્કરો રોકડા રૂપિયા અને સોનાના દાગીના મળી કુલ ૯૩ હજારની ચોરી કરી ગયા હતા. મકાન માલિક પરિવાર સાથે બહારગામ ગયા હતા ત્યારે આ ઘટના બની હતી. પરત આવતા તાળા તૂટેલા જોઈ પોલીસને જાણ કરી હતી. પોલીસે ફિંગરપ્રિન્ટ નિષ્ણાતોની મદદથી તપાસ

પૈઠણમાં ગોદાવરી કાંઠે ટોળેટોળા જામ્યાં
ગોદાવરીના પટમાં સોનું શોધવા સેંકડો લોકો ઉતરી પડ્યા

મુંબઈ, તા. ૨૪

સોનું અને કિંમતી ચીજો શોધવા માટે નદીમાં ઉતરી પડ્યા હતા. છત્રપતિ સંભાજીનગર (ઔરંગાબાદ) જિલ્લાના પૈઠણ ખાતે ગોદાવરી નદીના કાંઠે સેંકડો લોકો સોનું શોધવા માટે ઉતરી પડ્યા હતા. સોશિયલ મીડિયા પર આ દ્રશ્યોના વિડીયો વાયરલ થયા છે.

મરણોત્તર વિધિ વખતે નદીમાં સોનું પધરાવવાની રિવાજ: જળસપાટી ઘટતાં સોનું મળવાની આશાએ લોકોનો ધસારો

પૈઠણ પવિત્ર યાત્રાધામ છે જ્યાં ઘણા લોકો મરણોત્તર વિધિ વખતે નદીમાં સોનાના દાગીના અને સિક્કા પધરાવે છે. નદીની જળસપાટી ઘટતાં લોકો સોનું શોધવા નદીમાં ઉતરી પડ્યા હતા. પોલીસ અને વહીવટીતંત્રે લોકોને સાવધાની રાખવા અપીલ કરી છે. ગોદાવરીના પટમાં ભારે ભીડ જામી હતી.

મેટાનો એએમડી પાસેથી એઆઈ ચિપ્સ ખરીદવા ૧૦૦ અબજ ડોલરનો સોદો

ન્યૂયોર્ક, તા. ૨૪

ફેસબુકની માલિક કંપની મેટાએ એઆઈ ચિપ્સ ખરીદવા માટે એએમડી સાથે ૧૦૦ અબજ ડોલરનો સોદો કર્યો છે. આ સોદો ટેકનોલોજી ઉદ્યોગના ઈતિહાસમાં સૌથી મોટા સોદાઓમાંનો એક છે. મેટા તેના ડેટા સેન્ટર્સનો વિસ્તાર કરવા માટે આ ચિપ્સનો ઉપયોગ કરશે. એએમડીના શેરમાં આ જાહેરાત બાદ ઉછાળો જોવા મળ્યો હતો.
